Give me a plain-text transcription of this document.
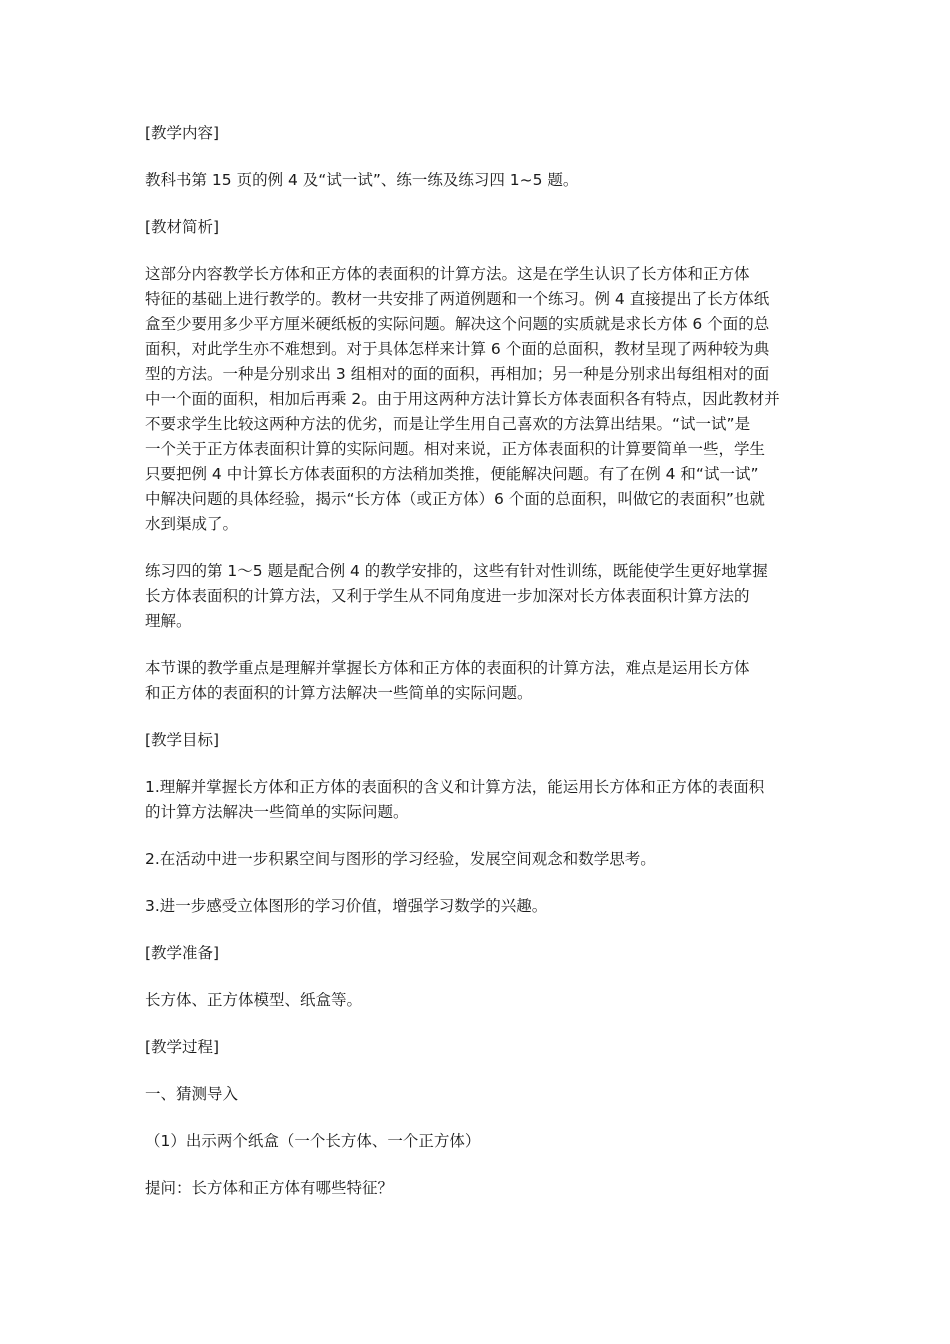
[教学内容]
教科书第 15 页的例 4 及“试一试”、练一练及练习四 1~5 题。
[教材简析]
这部分内容教学长方体和正方体的表面积的计算方法。这是在学生认识了长方体和正方体
特征的基础上进行教学的。教材一共安排了两道例题和一个练习。例 4 直接提出了长方体纸
盒至少要用多少平方厘米硬纸板的实际问题。解决这个问题的实质就是求长方体 6 个面的总
面积，对此学生亦不难想到。对于具体怎样来计算 6 个面的总面积，教材呈现了两种较为典
型的方法。一种是分别求出 3 组相对的面的面积，再相加；另一种是分别求出每组相对的面
中一个面的面积，相加后再乘 2。由于用这两种方法计算长方体表面积各有特点，因此教材并
不要求学生比较这两种方法的优劣，而是让学生用自己喜欢的方法算出结果。“试一试”是
一个关于正方体表面积计算的实际问题。相对来说，正方体表面积的计算要简单一些，学生
只要把例 4 中计算长方体表面积的方法稍加类推，便能解决问题。有了在例 4 和“试一试”
中解决问题的具体经验，揭示“长方体（或正方体）6 个面的总面积，叫做它的表面积”也就
水到渠成了。
练习四的第 1～5 题是配合例 4 的教学安排的，这些有针对性训练，既能使学生更好地掌握
长方体表面积的计算方法，又利于学生从不同角度进一步加深对长方体表面积计算方法的
理解。
本节课的教学重点是理解并掌握长方体和正方体的表面积的计算方法，难点是运用长方体
和正方体的表面积的计算方法解决一些简单的实际问题。
[教学目标]
1.理解并掌握长方体和正方体的表面积的含义和计算方法，能运用长方体和正方体的表面积
的计算方法解决一些简单的实际问题。
2.在活动中进一步积累空间与图形的学习经验，发展空间观念和数学思考。
3.进一步感受立体图形的学习价值，增强学习数学的兴趣。
[教学准备]
长方体、正方体模型、纸盒等。
[教学过程]
一、猜测导入
（1）出示两个纸盒（一个长方体、一个正方体）
提问：长方体和正方体有哪些特征？
